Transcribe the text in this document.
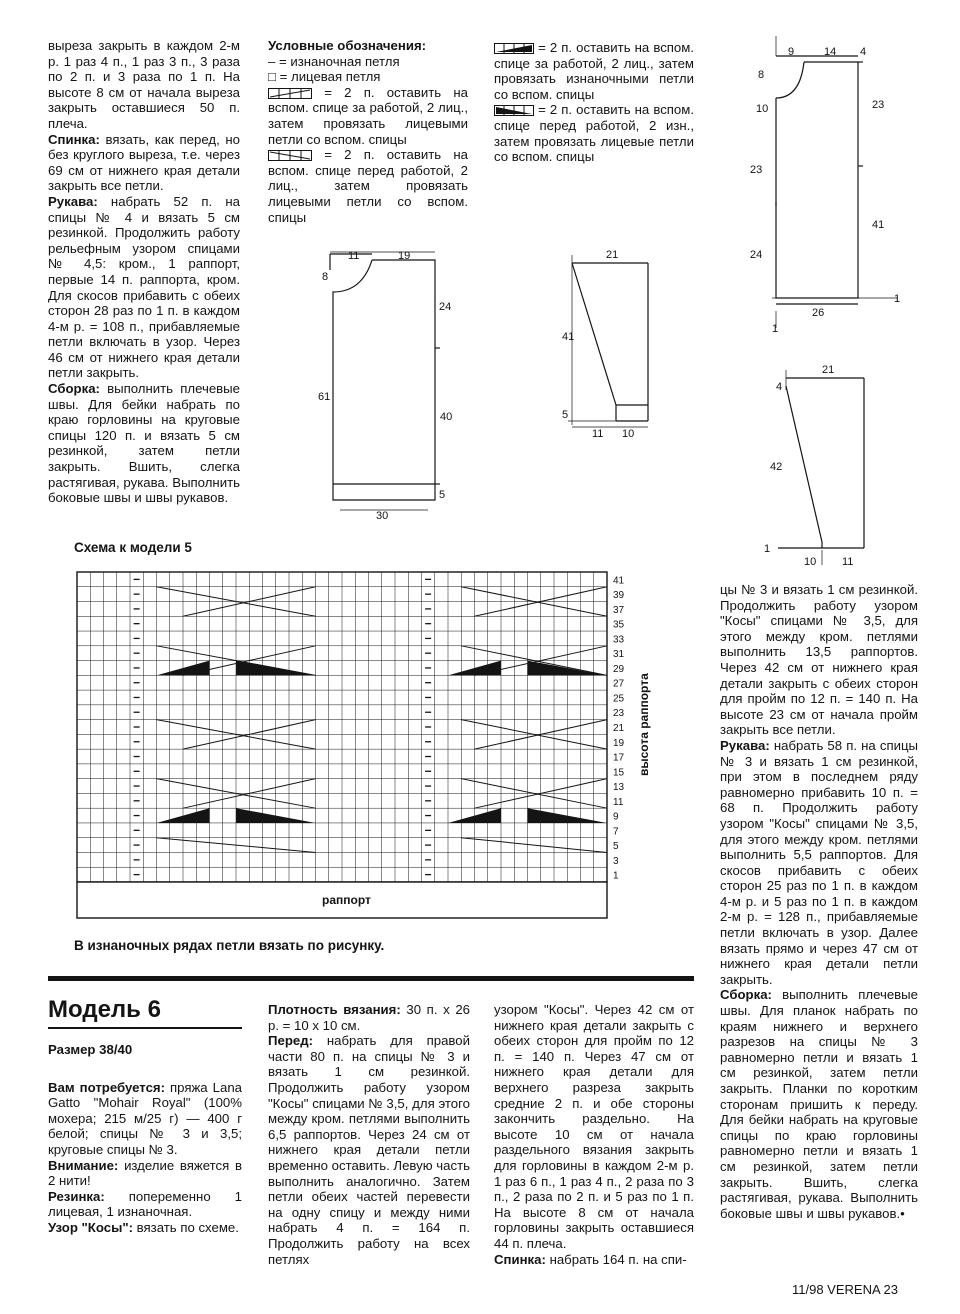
выреза закрыть в каждом 2-м р. 1 раз 4 п., 1 раз 3 п., 3 раза по 2 п. и 3 раза по 1 п. На высоте 8 см от начала выреза закрыть оставшиеся 50 п. плеча.

Спинка: вязать, как перед, но без круглого выреза, т.е. через 69 см от нижнего края детали закрыть все петли.

Рукава: набрать 52 п. на спицы № 4 и вязать 5 см резинкой. Продолжить работу рельефным узором спицами № 4,5: кром., 1 раппорт, первые 14 п. раппорта, кром. Для скосов прибавить с обеих сторон 28 раз по 1 п. в каждом 4-м р. = 108 п., прибавляемые петли включать в узор. Через 46 см от нижнего края детали петли закрыть.

Сборка: выполнить плечевые швы. Для бейки набрать по краю горловины на круговые спицы 120 п. и вязать 5 см резинкой, затем петли закрыть. Вшить, слегка растягивая, рукава. Выполнить боковые швы и швы рукавов.

Условные обозначения:

– = изнаночная петля

□ = лицевая петля

= 2 п. оставить на вспом. спице за работой, 2 лиц., затем провязать лицевыми петли со вспом. спицы

= 2 п. оставить на вспом. спице перед работой, 2 лиц., затем провязать лицевыми петли со вспом. спицы

= 2 п. оставить на вспом. спице за работой, 2 лиц., затем провязать изнаночными петли со вспом. спицы

= 2 п. оставить на вспом. спице перед работой, 2 изн., затем провязать лицевые петли со вспом. спицы

11	19
8
24
61
40
5
30
21
41
5
11 10
9	14 4
8
10	23
23
41
24
26
1
1
21
4
42
1
10 11
Схема к модели 5
41
39
37
35
33
31
29
27
25
23
21
19
17
15
13
11
9
7
5
3
1
раппорт
высота раппорта
В изнаночных рядах петли вязать по рисунку.
Модель 6

Размер 38/40

Вам потребуется: пряжа Lana Gatto "Mohair Royal" (100% мохера; 215 м/25 г) — 400 г белой; спицы № 3 и 3,5; круговые спицы № 3.

Внимание: изделие вяжется в 2 нити!

Резинка: попеременно 1 лицевая, 1 изнаночная.

Узор "Косы": вязать по схеме.

Плотность вязания: 30 п. х 26 р. = 10 х 10 см.

Перед: набрать для правой части 80 п. на спицы № 3 и вязать 1 см резинкой. Продолжить работу узором "Косы" спицами № 3,5, для этого между кром. петлями выполнить 6,5 раппортов. Через 24 см от нижнего края детали петли временно оставить. Левую часть выполнить аналогично. Затем петли обеих частей перевести на одну спицу и между ними набрать 4 п. = 164 п. Продолжить работу на всех петлях

узором "Косы". Через 42 см от нижнего края детали закрыть с обеих сторон для пройм по 12 п. = 140 п. Через 47 см от нижнего края детали для верхнего разреза закрыть средние 2 п. и обе стороны закончить раздельно. На высоте 10 см от начала раздельного вязания закрыть для горловины в каждом 2-м р. 1 раз 6 п., 1 раз 4 п., 2 раза по 3 п., 2 раза по 2 п. и 5 раз по 1 п. На высоте 8 см от начала горловины закрыть оставшиеся 44 п. плеча.

Спинка: набрать 164 п. на спи-

цы № 3 и вязать 1 см резинкой. Продолжить работу узором "Косы" спицами № 3,5, для этого между кром. петлями выполнить 13,5 раппортов. Через 42 см от нижнего края детали закрыть с обеих сторон для пройм по 12 п. = 140 п. На высоте 23 см от начала пройм закрыть все петли.

Рукава: набрать 58 п. на спицы № 3 и вязать 1 см резинкой, при этом в последнем ряду равномерно прибавить 10 п. = 68 п. Продолжить работу узором "Косы" спицами № 3,5, для этого между кром. петлями выполнить 5,5 раппортов. Для скосов прибавить с обеих сторон 25 раз по 1 п. в каждом 4-м р. и 5 раз по 1 п. в каждом 2-м р. = 128 п., прибавляемые петли включать в узор. Далее вязать прямо и через 47 см от нижнего края детали петли закрыть.

Сборка: выполнить плечевые швы. Для планок набрать по краям нижнего и верхнего разрезов на спицы № 3 равномерно петли и вязать 1 см резинкой, затем петли закрыть. Планки по коротким сторонам пришить к переду. Для бейки набрать на круговые спицы по краю горловины равномерно петли и вязать 1 см резинкой, затем петли закрыть. Вшить, слегка растягивая, рукава. Выполнить боковые швы и швы рукавов.•

11/98 VERENA 23
